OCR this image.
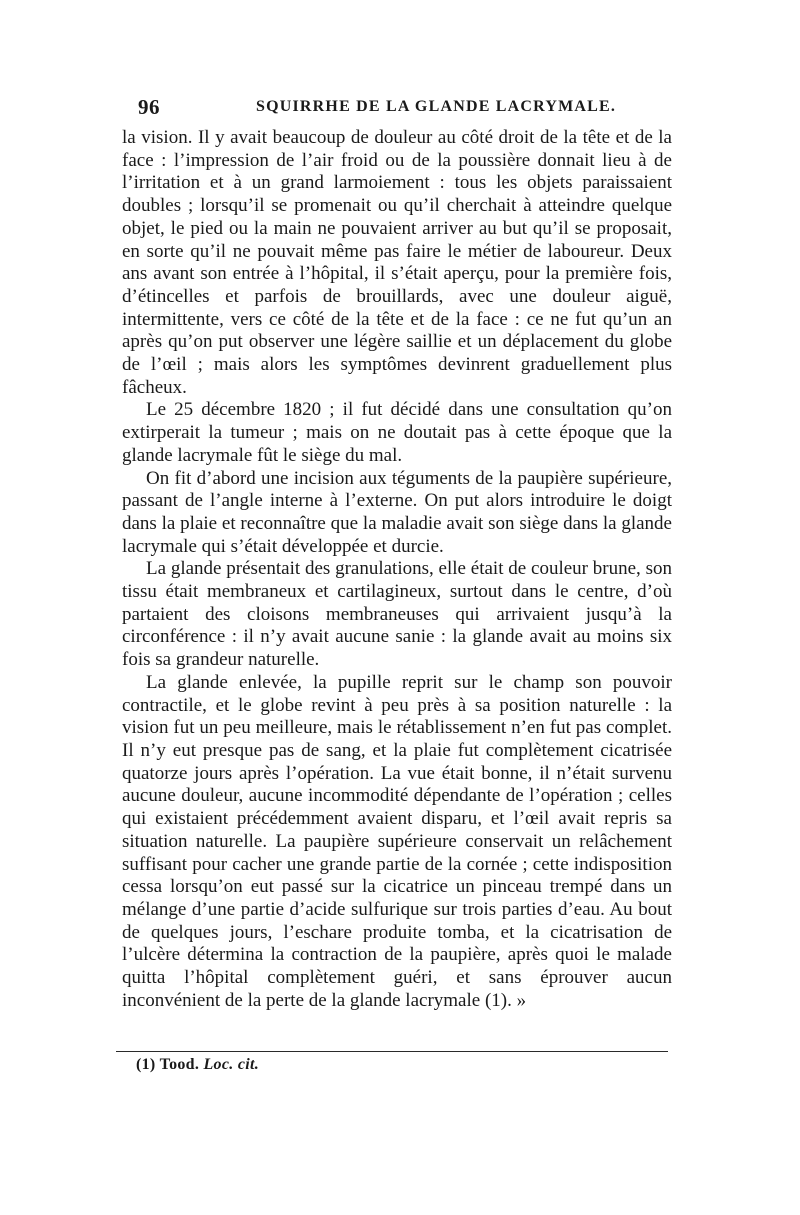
96	SQUIRRHE DE LA GLANDE LACRYMALE.

la vision. Il y avait beaucoup de douleur au côté droit de la tête et de la face : l’impression de l’air froid ou de la poussière donnait lieu à de l’irritation et à un grand larmoiement : tous les objets paraissaient doubles ; lorsqu’il se promenait ou qu’il cherchait à atteindre quelque objet, le pied ou la main ne pouvaient arriver au but qu’il se proposait, en sorte qu’il ne pouvait même pas faire le métier de laboureur. Deux ans avant son entrée à l’hôpital, il s’était aperçu, pour la première fois, d’étincelles et parfois de brouillards, avec une douleur aiguë, intermittente, vers ce côté de la tête et de la face : ce ne fut qu’un an après qu’on put observer une légère saillie et un déplacement du globe de l’œil ; mais alors les symptômes devinrent graduellement plus fâcheux.

Le 25 décembre 1820 ; il fut décidé dans une consultation qu’on extirperait la tumeur ; mais on ne doutait pas à cette époque que la glande lacrymale fût le siège du mal.

On fit d’abord une incision aux téguments de la paupière supérieure, passant de l’angle interne à l’externe. On put alors introduire le doigt dans la plaie et reconnaître que la maladie avait son siège dans la glande lacrymale qui s’était développée et durcie.

La glande présentait des granulations, elle était de couleur brune, son tissu était membraneux et cartilagineux, surtout dans le centre, d’où partaient des cloisons membraneuses qui arrivaient jusqu’à la circonférence : il n’y avait aucune sanie : la glande avait au moins six fois sa grandeur naturelle.

La glande enlevée, la pupille reprit sur le champ son pouvoir contractile, et le globe revint à peu près à sa position naturelle : la vision fut un peu meilleure, mais le rétablissement n’en fut pas complet. Il n’y eut presque pas de sang, et la plaie fut complètement cicatrisée quatorze jours après l’opération. La vue était bonne, il n’était survenu aucune douleur, aucune incommodité dépendante de l’opération ; celles qui existaient précédemment avaient disparu, et l’œil avait repris sa situation naturelle. La paupière supérieure conservait un relâchement suffisant pour cacher une grande partie de la cornée ; cette indisposition cessa lorsqu’on eut passé sur la cicatrice un pinceau trempé dans un mélange d’une partie d’acide sulfurique sur trois parties d’eau. Au bout de quelques jours, l’eschare produite tomba, et la cicatrisation de l’ulcère détermina la contraction de la paupière, après quoi le malade quitta l’hôpital complètement guéri, et sans éprouver aucun inconvénient de la perte de la glande lacrymale (1). »

(1) Tood. Loc. cit.
